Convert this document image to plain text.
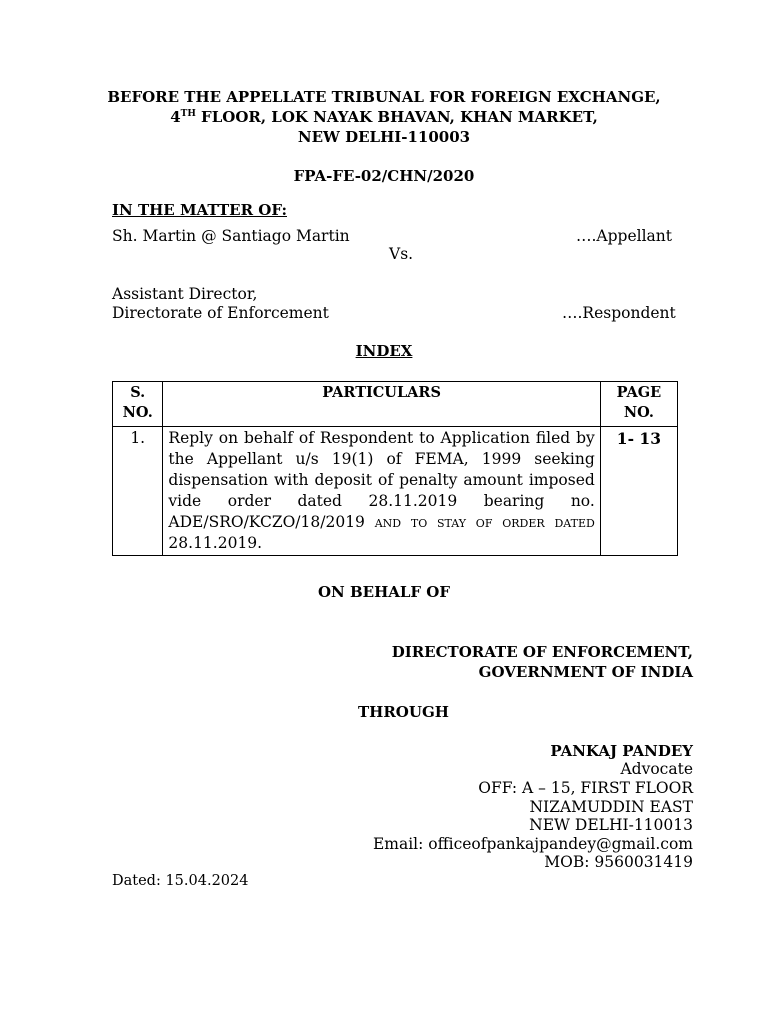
BEFORE THE APPELLATE TRIBUNAL FOR FOREIGN EXCHANGE,
4TH FLOOR, LOK NAYAK BHAVAN, KHAN MARKET,
NEW DELHI-110003
FPA-FE-02/CHN/2020
IN THE MATTER OF:
Sh. Martin @ Santiago Martin	….Appellant
Vs.
Assistant Director,
Directorate of Enforcement	….Respondent
INDEX
S. NO.	PARTICULARS	PAGE NO.
1.	Reply on behalf of Respondent to Application filed by the Appellant u/s 19(1) of FEMA, 1999 seeking dispensation with deposit of penalty amount imposed vide order dated 28.11.2019 bearing no. ADE/SRO/KCZO/18/2019 and to stay of order dated 28.11.2019.	1- 13
ON BEHALF OF
DIRECTORATE OF ENFORCEMENT,
GOVERNMENT OF INDIA
THROUGH
PANKAJ PANDEY
Advocate
OFF: A – 15, FIRST FLOOR
NIZAMUDDIN EAST
NEW DELHI-110013
Email: officeofpankajpandey@gmail.com
MOB: 9560031419
Dated: 15.04.2024
